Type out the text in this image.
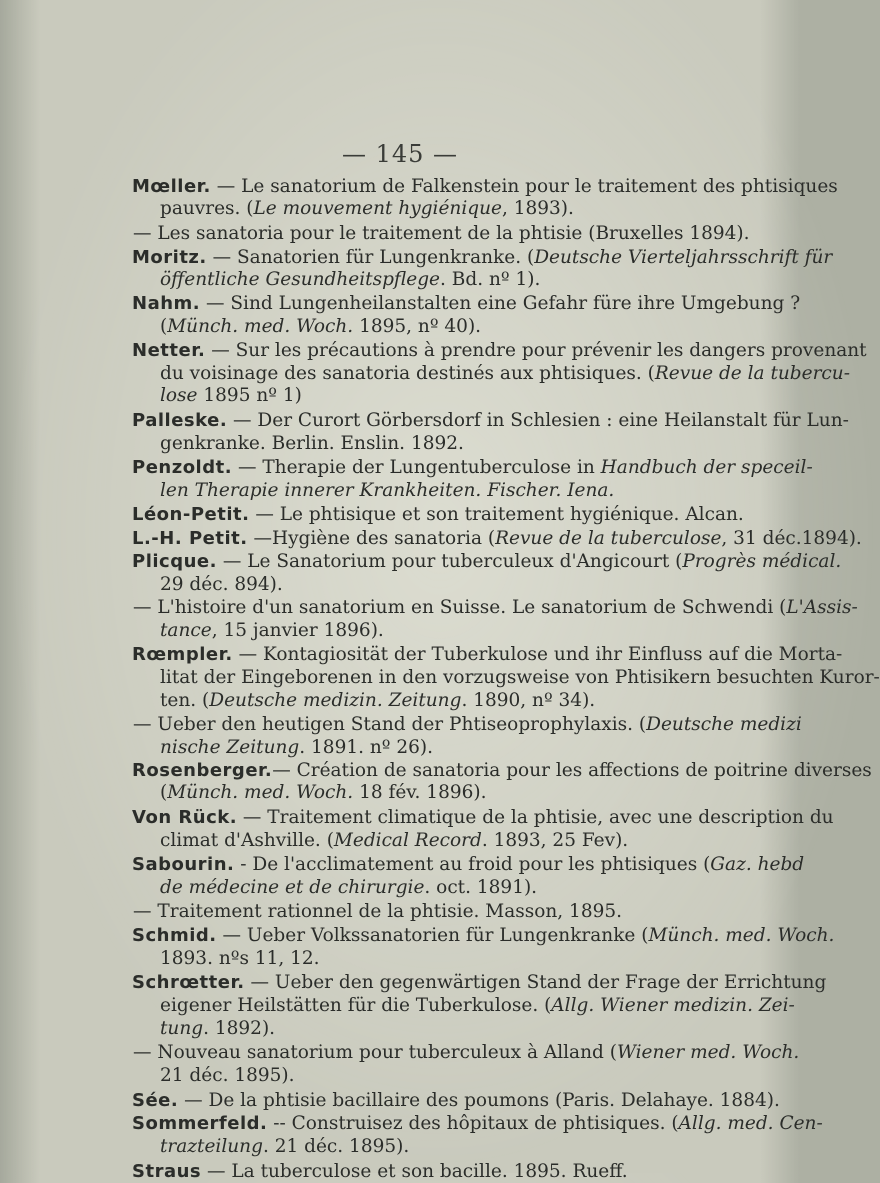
— 145 —
Mœller. — Le sanatorium de Falkenstein pour le traitement des phtisiques
pauvres. (Le mouvement hygiénique, 1893).
— Les sanatoria pour le traitement de la phtisie (Bruxelles 1894).
Moritz. — Sanatorien für Lungenkranke. (Deutsche Vierteljahrsschrift für
öffentliche Gesundheitspflege. Bd. nº 1).
Nahm. — Sind Lungenheilanstalten eine Gefahr füre ihre Umgebung ?
(Münch. med. Woch. 1895, nº 40).
Netter. — Sur les précautions à prendre pour prévenir les dangers provenant
du voisinage des sanatoria destinés aux phtisiques. (Revue de la tubercu-
lose 1895 nº 1)
Palleske. — Der Curort Görbersdorf in Schlesien : eine Heilanstalt für Lun-
genkranke. Berlin. Enslin. 1892.
Penzoldt. — Therapie der Lungentuberculose in Handbuch der speceil-
len Therapie innerer Krankheiten. Fischer. Iena.
Léon-Petit. — Le phtisique et son traitement hygiénique. Alcan.
L.-H. Petit. —Hygiène des sanatoria (Revue de la tuberculose, 31 déc.1894).
Plicque. — Le Sanatorium pour tuberculeux d'Angicourt (Progrès médical.
29 déc. 894).
— L'histoire d'un sanatorium en Suisse. Le sanatorium de Schwendi (L'Assis-
tance, 15 janvier 1896).
Rœmpler. — Kontagiosität der Tuberkulose und ihr Einfluss auf die Morta-
litat der Eingeborenen in den vorzugsweise von Phtisikern besuchten Kuror-
ten. (Deutsche medizin. Zeitung. 1890, nº 34).
— Ueber den heutigen Stand der Phtiseoprophylaxis. (Deutsche medizi
nische Zeitung. 1891. nº 26).
Rosenberger.— Création de sanatoria pour les affections de poitrine diverses
(Münch. med. Woch. 18 fév. 1896).
Von Rück. — Traitement climatique de la phtisie, avec une description du
climat d'Ashville. (Medical Record. 1893, 25 Fev).
Sabourin. - De l'acclimatement au froid pour les phtisiques (Gaz. hebd
de médecine et de chirurgie. oct. 1891).
— Traitement rationnel de la phtisie. Masson, 1895.
Schmid. — Ueber Volkssanatorien für Lungenkranke (Münch. med. Woch.
1893. nºs 11, 12.
Schrœtter. — Ueber den gegenwärtigen Stand der Frage der Errichtung
eigener Heilstätten für die Tuberkulose. (Allg. Wiener medizin. Zei-
tung. 1892).
— Nouveau sanatorium pour tuberculeux à Alland (Wiener med. Woch.
21 déc. 1895).
Sée. — De la phtisie bacillaire des poumons (Paris. Delahaye. 1884).
Sommerfeld. -- Construisez des hôpitaux de phtisiques. (Allg. med. Cen-
trazteilung. 21 déc. 1895).
Straus — La tuberculose et son bacille. 1895. Rueff.
